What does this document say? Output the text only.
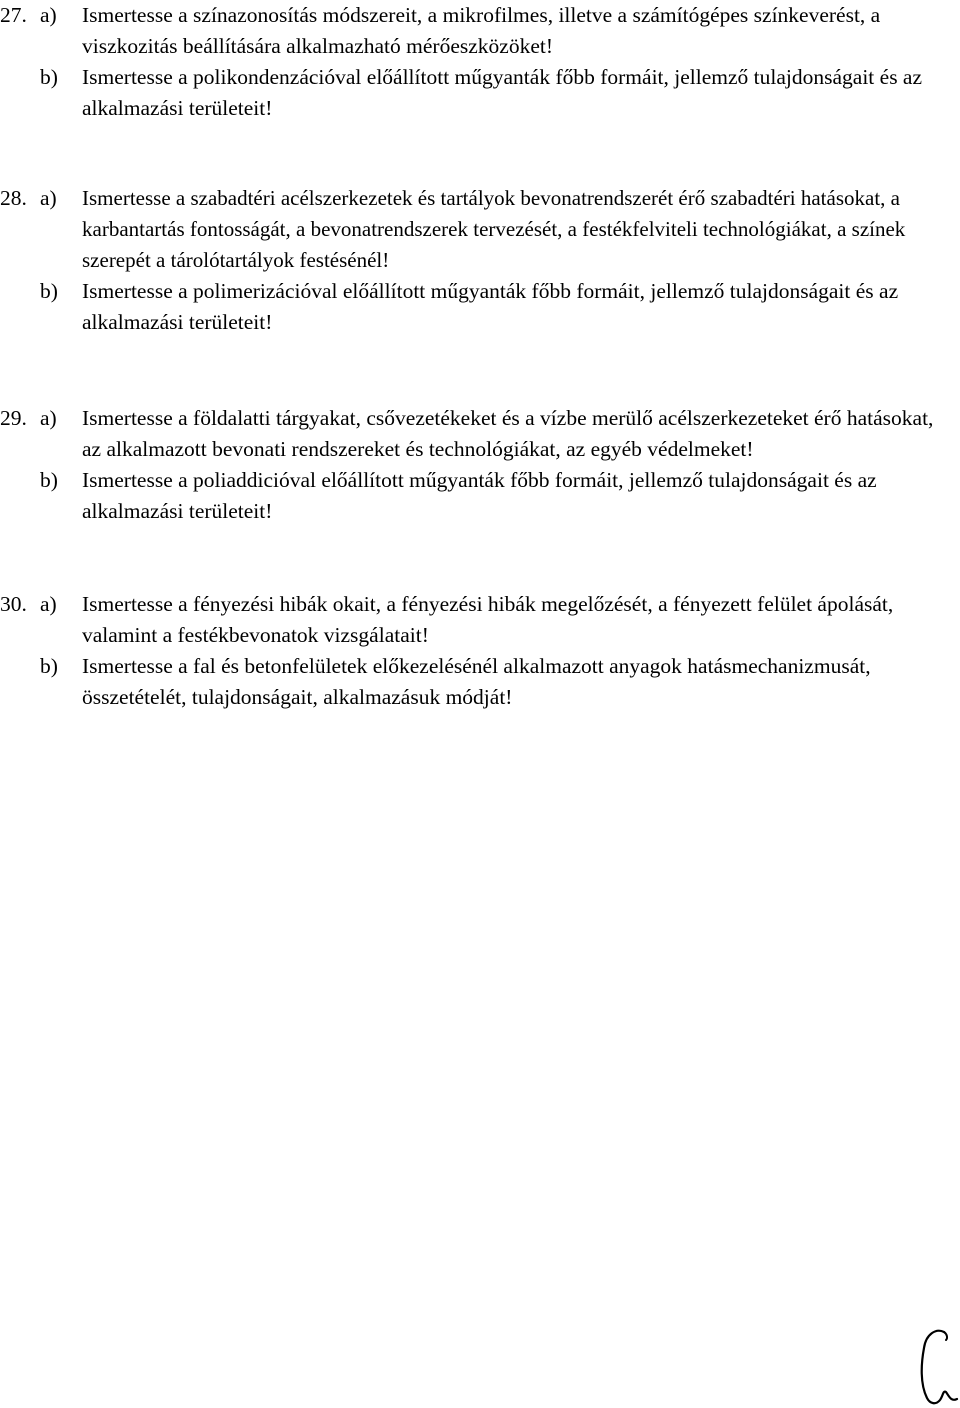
27. a)	Ismertesse a színazonosítás módszereit, a mikrofilmes, illetve a számítógépes színkeverést, a viszkozitás beállítására alkalmazható mérőeszközöket!
b)	Ismertesse a polikondenzációval előállított műgyanták főbb formáit, jellemző tulajdonságait és az alkalmazási területeit!
28. a)	Ismertesse a szabadtéri acélszerkezetek és tartályok bevonatrendszerét érő szabadtéri hatásokat, a karbantartás fontosságát, a bevonatrendszerek tervezését, a festékfelviteli technológiákat, a színek szerepét a tárolótartályok festésénél!
b)	Ismertesse a polimerizációval előállított műgyanták főbb formáit, jellemző tulajdonságait és az alkalmazási területeit!
29. a)	Ismertesse a földalatti tárgyakat, csővezetékeket és a vízbe merülő acélszerkezeteket érő hatásokat, az alkalmazott bevonati rendszereket és technológiákat, az egyéb védelmeket!
b)	Ismertesse a poliaddicióval előállított műgyanták főbb formáit, jellemző tulajdonságait és az alkalmazási területeit!
30. a)	Ismertesse a fényezési hibák okait, a fényezési hibák megelőzését, a fényezett felület ápolását, valamint a festékbevonatok vizsgálatait!
b)	Ismertesse a fal és betonfelületek előkezelésénél alkalmazott anyagok hatásmechanizmusát, összetételét, tulajdonságait, alkalmazásuk módját!
